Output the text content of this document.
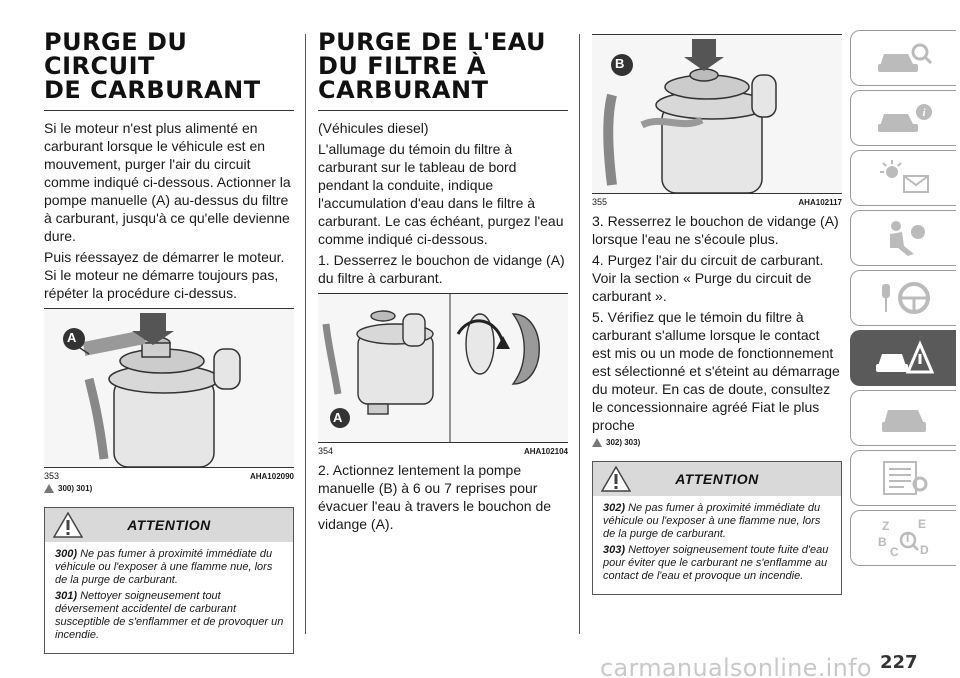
PURGE DU CIRCUIT
DE CARBURANT

Si le moteur n'est plus alimenté en carburant lorsque le véhicule est en mouvement, purger l'air du circuit comme indiqué ci-dessous. Actionner la pompe manuelle (A) au-dessus du filtre à carburant, jusqu'à ce qu'elle devienne dure.

Puis réessayez de démarrer le moteur. Si le moteur ne démarre toujours pas, répéter la procédure ci-dessus.

A
353	AHA102090
300) 301)
ATTENTION
300) Ne pas fumer à proximité immédiate du véhicule ou l'exposer à une flamme nue, lors de la purge de carburant.
301) Nettoyer soigneusement tout déversement accidentel de carburant susceptible de s'enflammer et de provoquer un incendie.
PURGE DE L'EAU
DU FILTRE À
CARBURANT

(Véhicules diesel)

L'allumage du témoin du filtre à carburant sur le tableau de bord pendant la conduite, indique l'accumulation d'eau dans le filtre à carburant. Le cas échéant, purgez l'eau comme indiqué ci-dessous.

1. Desserrez le bouchon de vidange (A) du filtre à carburant.

A
354	AHA102104

2. Actionnez lentement la pompe manuelle (B) à 6 ou 7 reprises pour évacuer l'eau à travers le bouchon de vidange (A).

B
355	AHA102117

3. Resserrez le bouchon de vidange (A) lorsque l'eau ne s'écoule plus.

4. Purgez l'air du circuit de carburant. Voir la section « Purge du circuit de carburant ».

5. Vérifiez que le témoin du filtre à carburant s'allume lorsque le contact est mis ou un mode de fonctionnement est sélectionné et s'éteint au démarrage du moteur. En cas de doute, consultez le concessionnaire agréé Fiat le plus proche

302) 303)
ATTENTION
302) Ne pas fumer à proximité immédiate du véhicule ou l'exposer à une flamme nue, lors de la purge de carburant.
303) Nettoyer soigneusement toute fuite d'eau pour éviter que le carburant ne s'enflamme au contact de l'eau et provoque un incendie.
i
Z E
B
C
T
D
carmanualsonline.info 227
